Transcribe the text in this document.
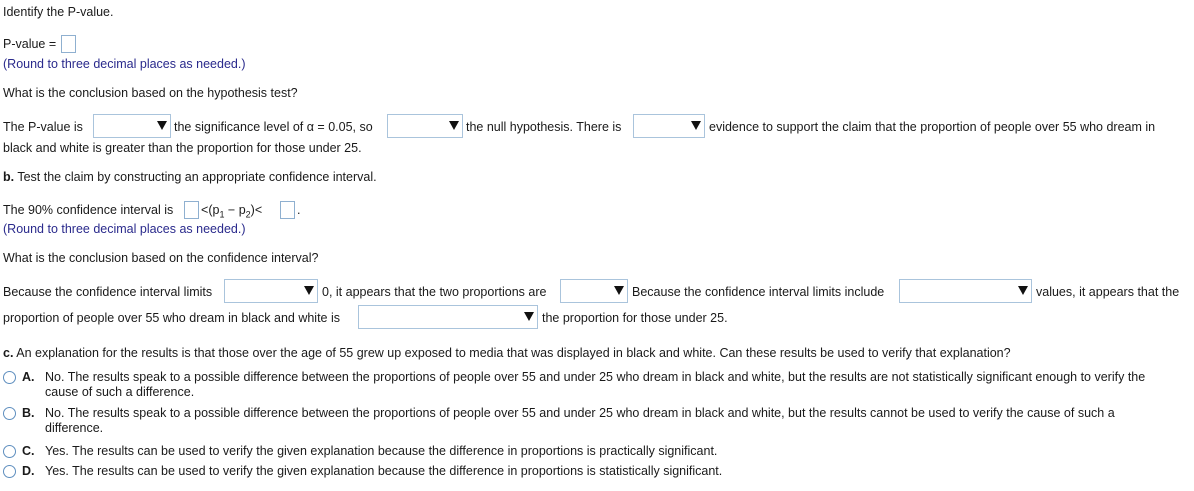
Identify the P-value.
P-value =
(Round to three decimal places as needed.)
What is the conclusion based on the hypothesis test?
The P-value is	the significance level of α = 0.05, so	the null hypothesis. There is	evidence to support the claim that the proportion of people over 55 who dream in
black and white is greater than the proportion for those under 25.
b. Test the claim by constructing an appropriate confidence interval.
The 90% confidence interval is $<(p_1 - p_2)<$	.
(Round to three decimal places as needed.)
What is the conclusion based on the confidence interval?
Because the confidence interval limits	0, it appears that the two proportions are	Because the confidence interval limits include	values, it appears that the
proportion of people over 55 who dream in black and white is	the proportion for those under 25.
c. An explanation for the results is that those over the age of 55 grew up exposed to media that was displayed in black and white. Can these results be used to verify that explanation?
A. No. The results speak to a possible difference between the proportions of people over 55 and under 25 who dream in black and white, but the results are not statistically significant enough to verify the cause of such a difference.
B. No. The results speak to a possible difference between the proportions of people over 55 and under 25 who dream in black and white, but the results cannot be used to verify the cause of such a difference.
C. Yes. The results can be used to verify the given explanation because the difference in proportions is practically significant.
D. Yes. The results can be used to verify the given explanation because the difference in proportions is statistically significant.
